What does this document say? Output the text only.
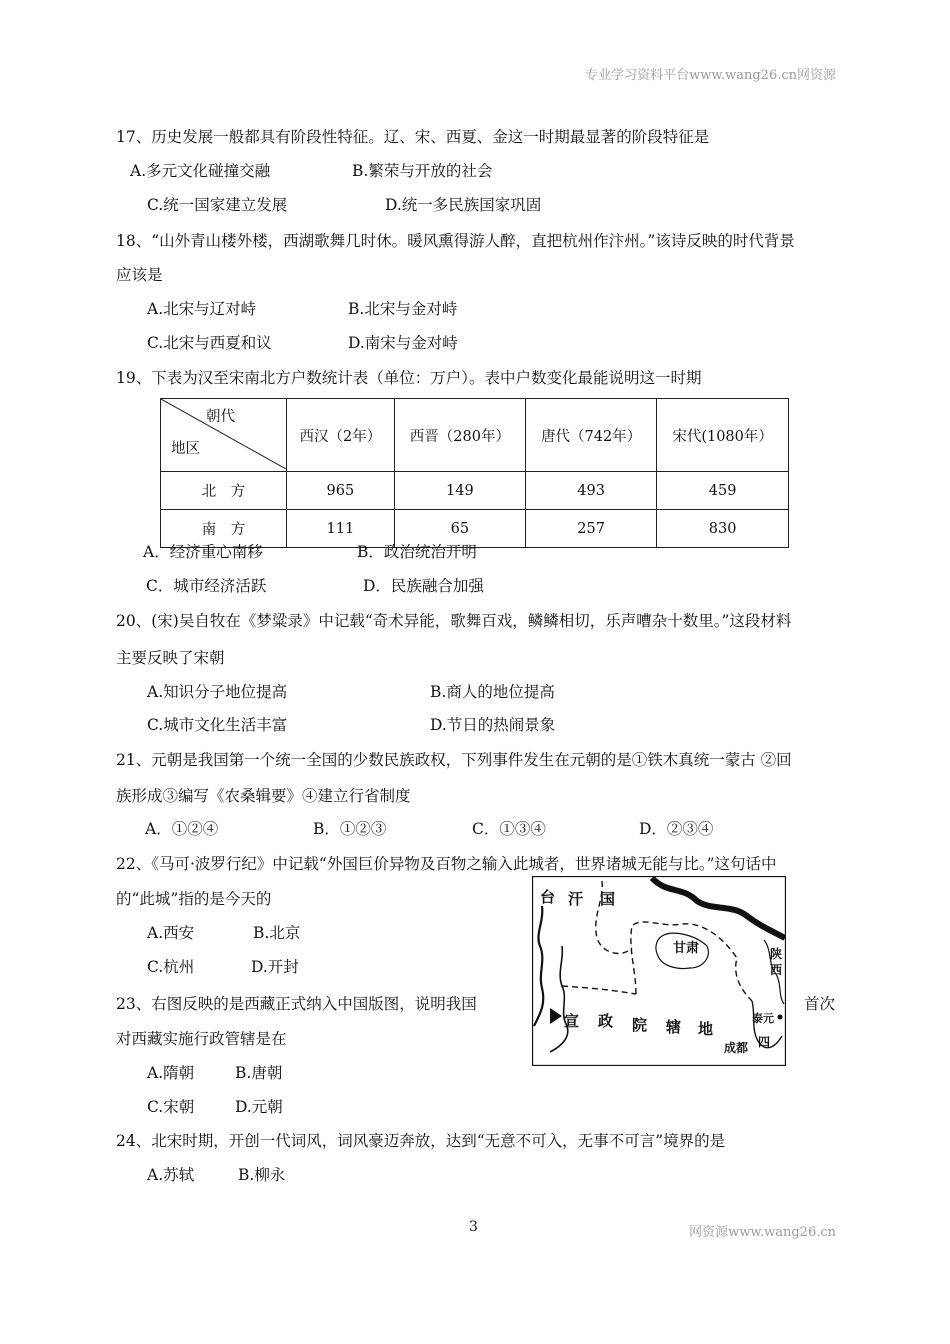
专业学习资料平台www.wang26.cn网资源
17、历史发展一般都具有阶段性特征。辽、宋、西夏、金这一时期最显著的阶段特征是
A.多元文化碰撞交融	B.繁荣与开放的社会
C.统一国家建立发展	D.统一多民族国家巩固
18、“山外青山楼外楼，西湖歌舞几时休。暖风熏得游人醉，直把杭州作汴州。”该诗反映的时代背景
应该是
A.北宋与辽对峙	B.北宋与金对峙
C.北宋与西夏和议	D.南宋与金对峙
19、下表为汉至宋南北方户数统计表（单位：万户）。表中户数变化最能说明这一时期
朝代
地区	西汉（2年）	西晋（280年）	唐代（742年）	宋代(1080年）
北　方	965	149	493	459
南　方	111	65	257	830
A．经济重心南移	B．政治统治开明
C．城市经济活跃	D．民族融合加强
20、(宋)吴自牧在《梦粱录》中记载“奇术异能，歌舞百戏，鳞鳞相切，乐声嘈杂十数里。”这段材料
主要反映了宋朝
A.知识分子地位提高	B.商人的地位提高
C.城市文化生活丰富	D.节日的热闹景象
21、元朝是我国第一个统一全国的少数民族政权，下列事件发生在元朝的是①铁木真统一蒙古 ②回
族形成③编写《农桑辑要》④建立行省制度
A．①②④	B．①②③	C．①③④	D．②③④
22、《马可·波罗行纪》中记载“外国巨价异物及百物之输入此城者，世界诸城无能与比。”这句话中
的“此城”指的是今天的
A.西安	B.北京
C.杭州	D.开封
台 汗 国
甘肃	陕
西
宣 政 院 辖 地
泰元
成都 四
23、右图反映的是西藏正式纳入中国版图，说明我国	首次
对西藏实施行政管辖是在
A.隋朝	B.唐朝
C.宋朝	D.元朝
24、北宋时期，开创一代词风，词风豪迈奔放，达到“无意不可入，无事不可言”境界的是
A.苏轼	B.柳永
3	网资源www.wang26.cn
